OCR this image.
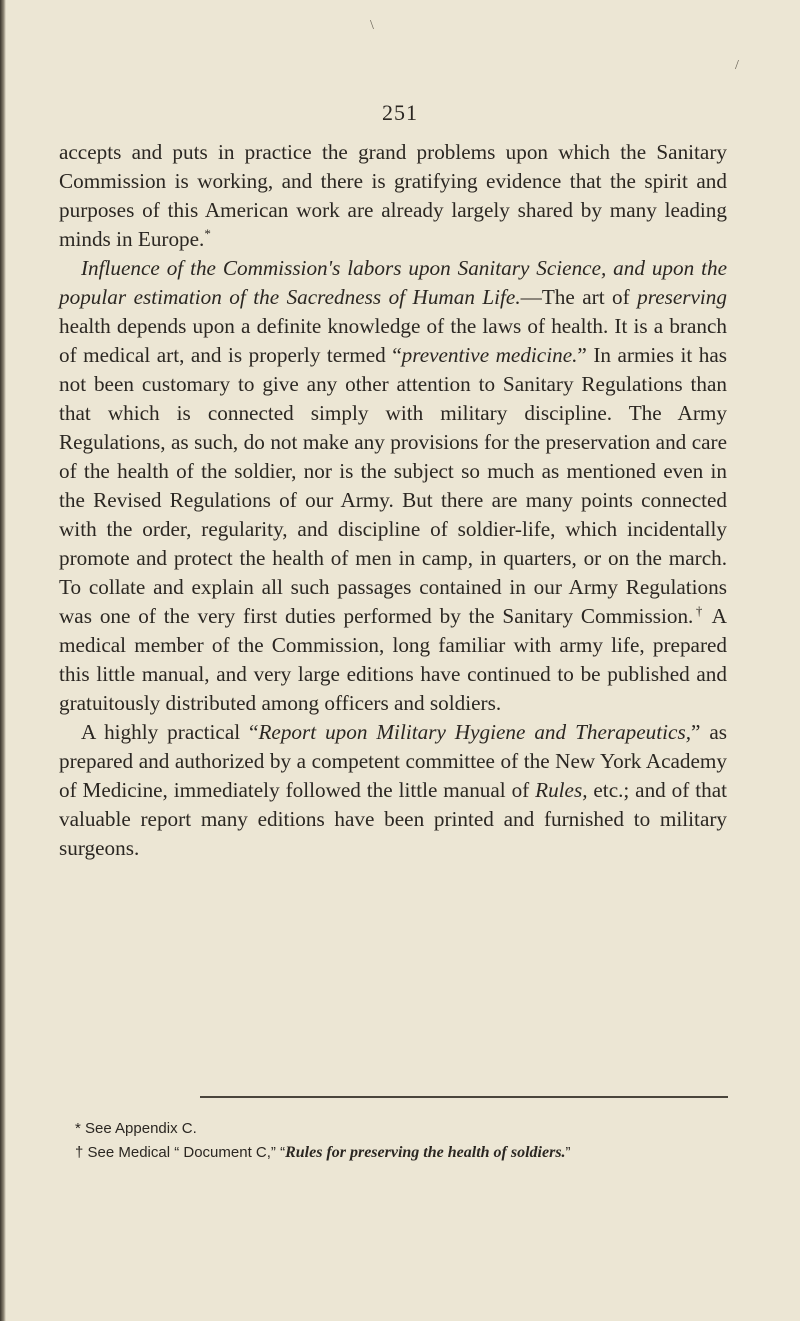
\
/
251

accepts and puts in practice the grand problems upon which the Sanitary Commission is working, and there is gratifying evidence that the spirit and purposes of this American work are already largely shared by many leading minds in Europe.*

Influence of the Commission's labors upon Sanitary Science, and upon the popular estimation of the Sacredness of Human Life.—The art of preserving health depends upon a definite knowledge of the laws of health. It is a branch of medical art, and is properly termed “preventive medicine.” In armies it has not been customary to give any other attention to Sanitary Regulations than that which is connected simply with military discipline. The Army Regulations, as such, do not make any provisions for the preservation and care of the health of the soldier, nor is the subject so much as mentioned even in the Revised Regulations of our Army. But there are many points connected with the order, regularity, and discipline of soldier-life, which incidentally promote and protect the health of men in camp, in quarters, or on the march. To collate and explain all such passages contained in our Army Regulations was one of the very first duties performed by the Sanitary Commission.† A medical member of the Commission, long familiar with army life, prepared this little manual, and very large editions have continued to be published and gratuitously distributed among officers and soldiers.

A highly practical “Report upon Military Hygiene and Therapeutics,” as prepared and authorized by a competent committee of the New York Academy of Medicine, immediately followed the little manual of Rules, etc.; and of that valuable report many editions have been printed and furnished to military surgeons.

* See Appendix C.
† See Medical “ Document C,” “Rules for preserving the health of soldiers.”
